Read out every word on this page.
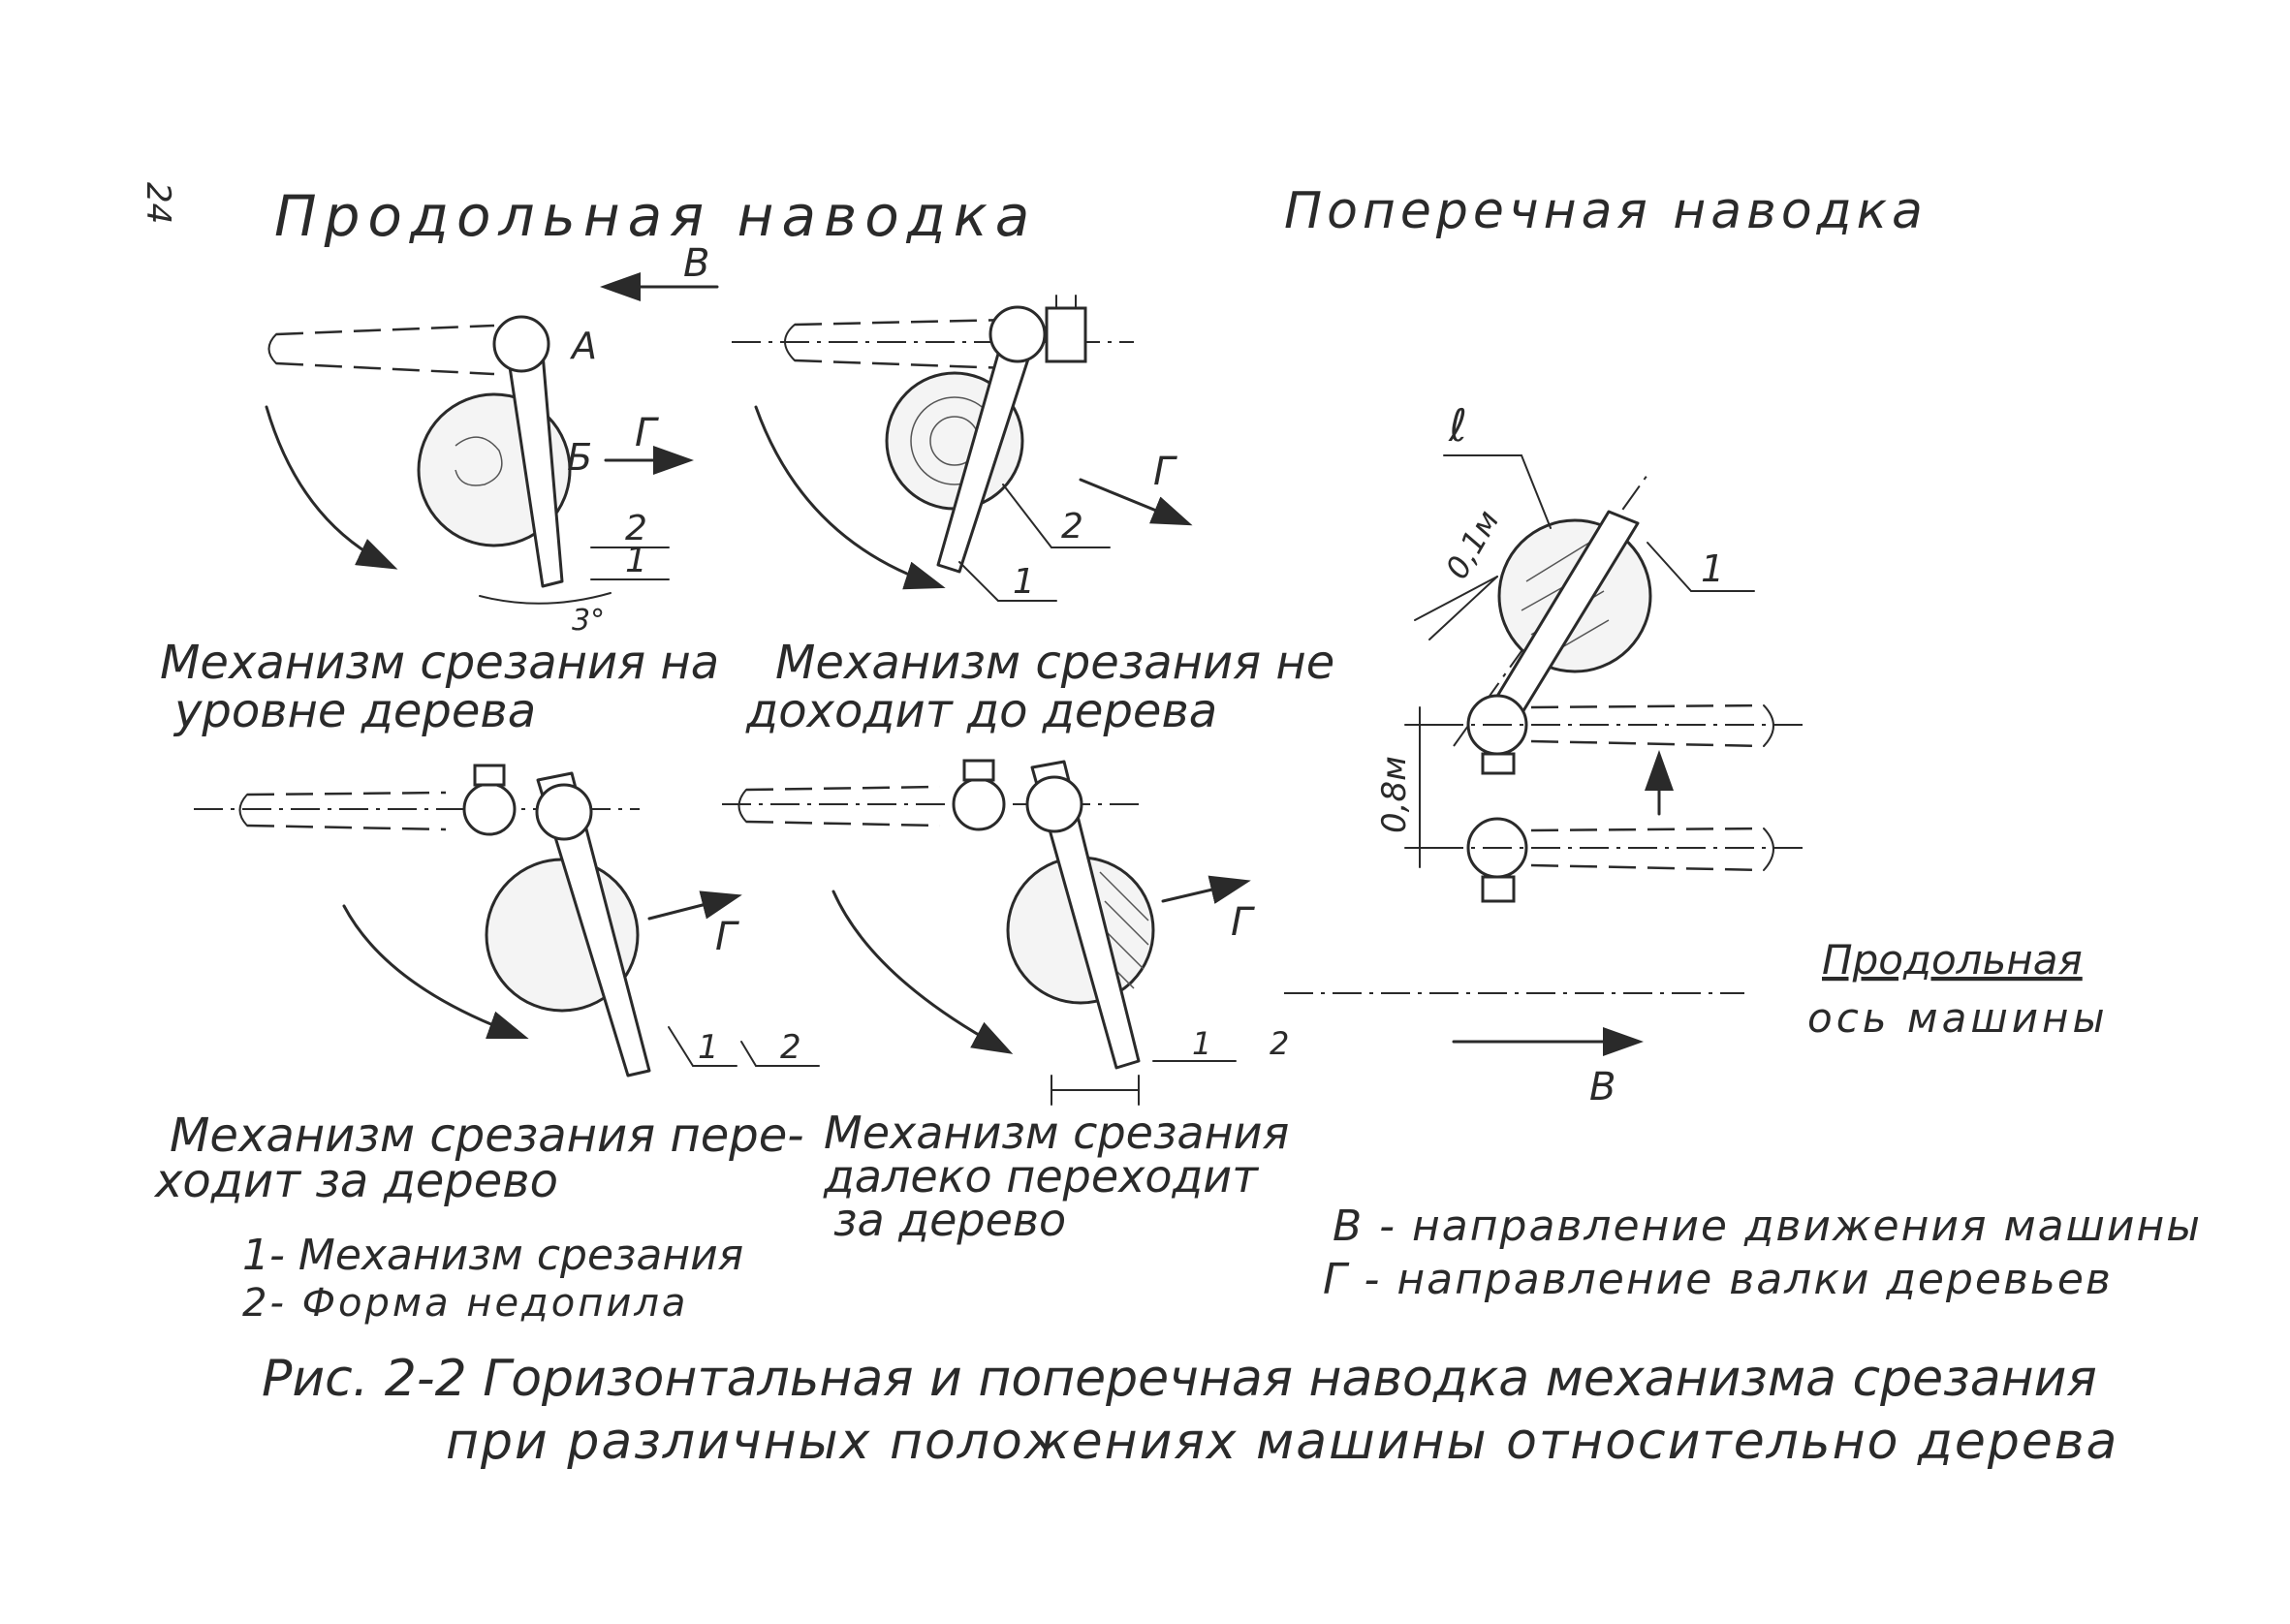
24 Продольная наводка	Поперечная наводка
В
А
Б
Г
2
1
3°
Механизм срезания на
уровне дерева
Г
2
1
Механизм срезания не
доходит до дерева
Г
1 2
Механизм срезания пере-
ходит за дерево
Г
1 2
Механизм срезания
далеко переходит
за дерево
0,8м
0,1м
ℓ
1
Продольная
ось машины
В
1- Механизм срезания
2- Форма недопила
В - направление движения машины
Г - направление валки деревьев
Рис. 2-2 Горизонтальная и поперечная наводка механизма срезания
при различных положениях машины относительно дерева
